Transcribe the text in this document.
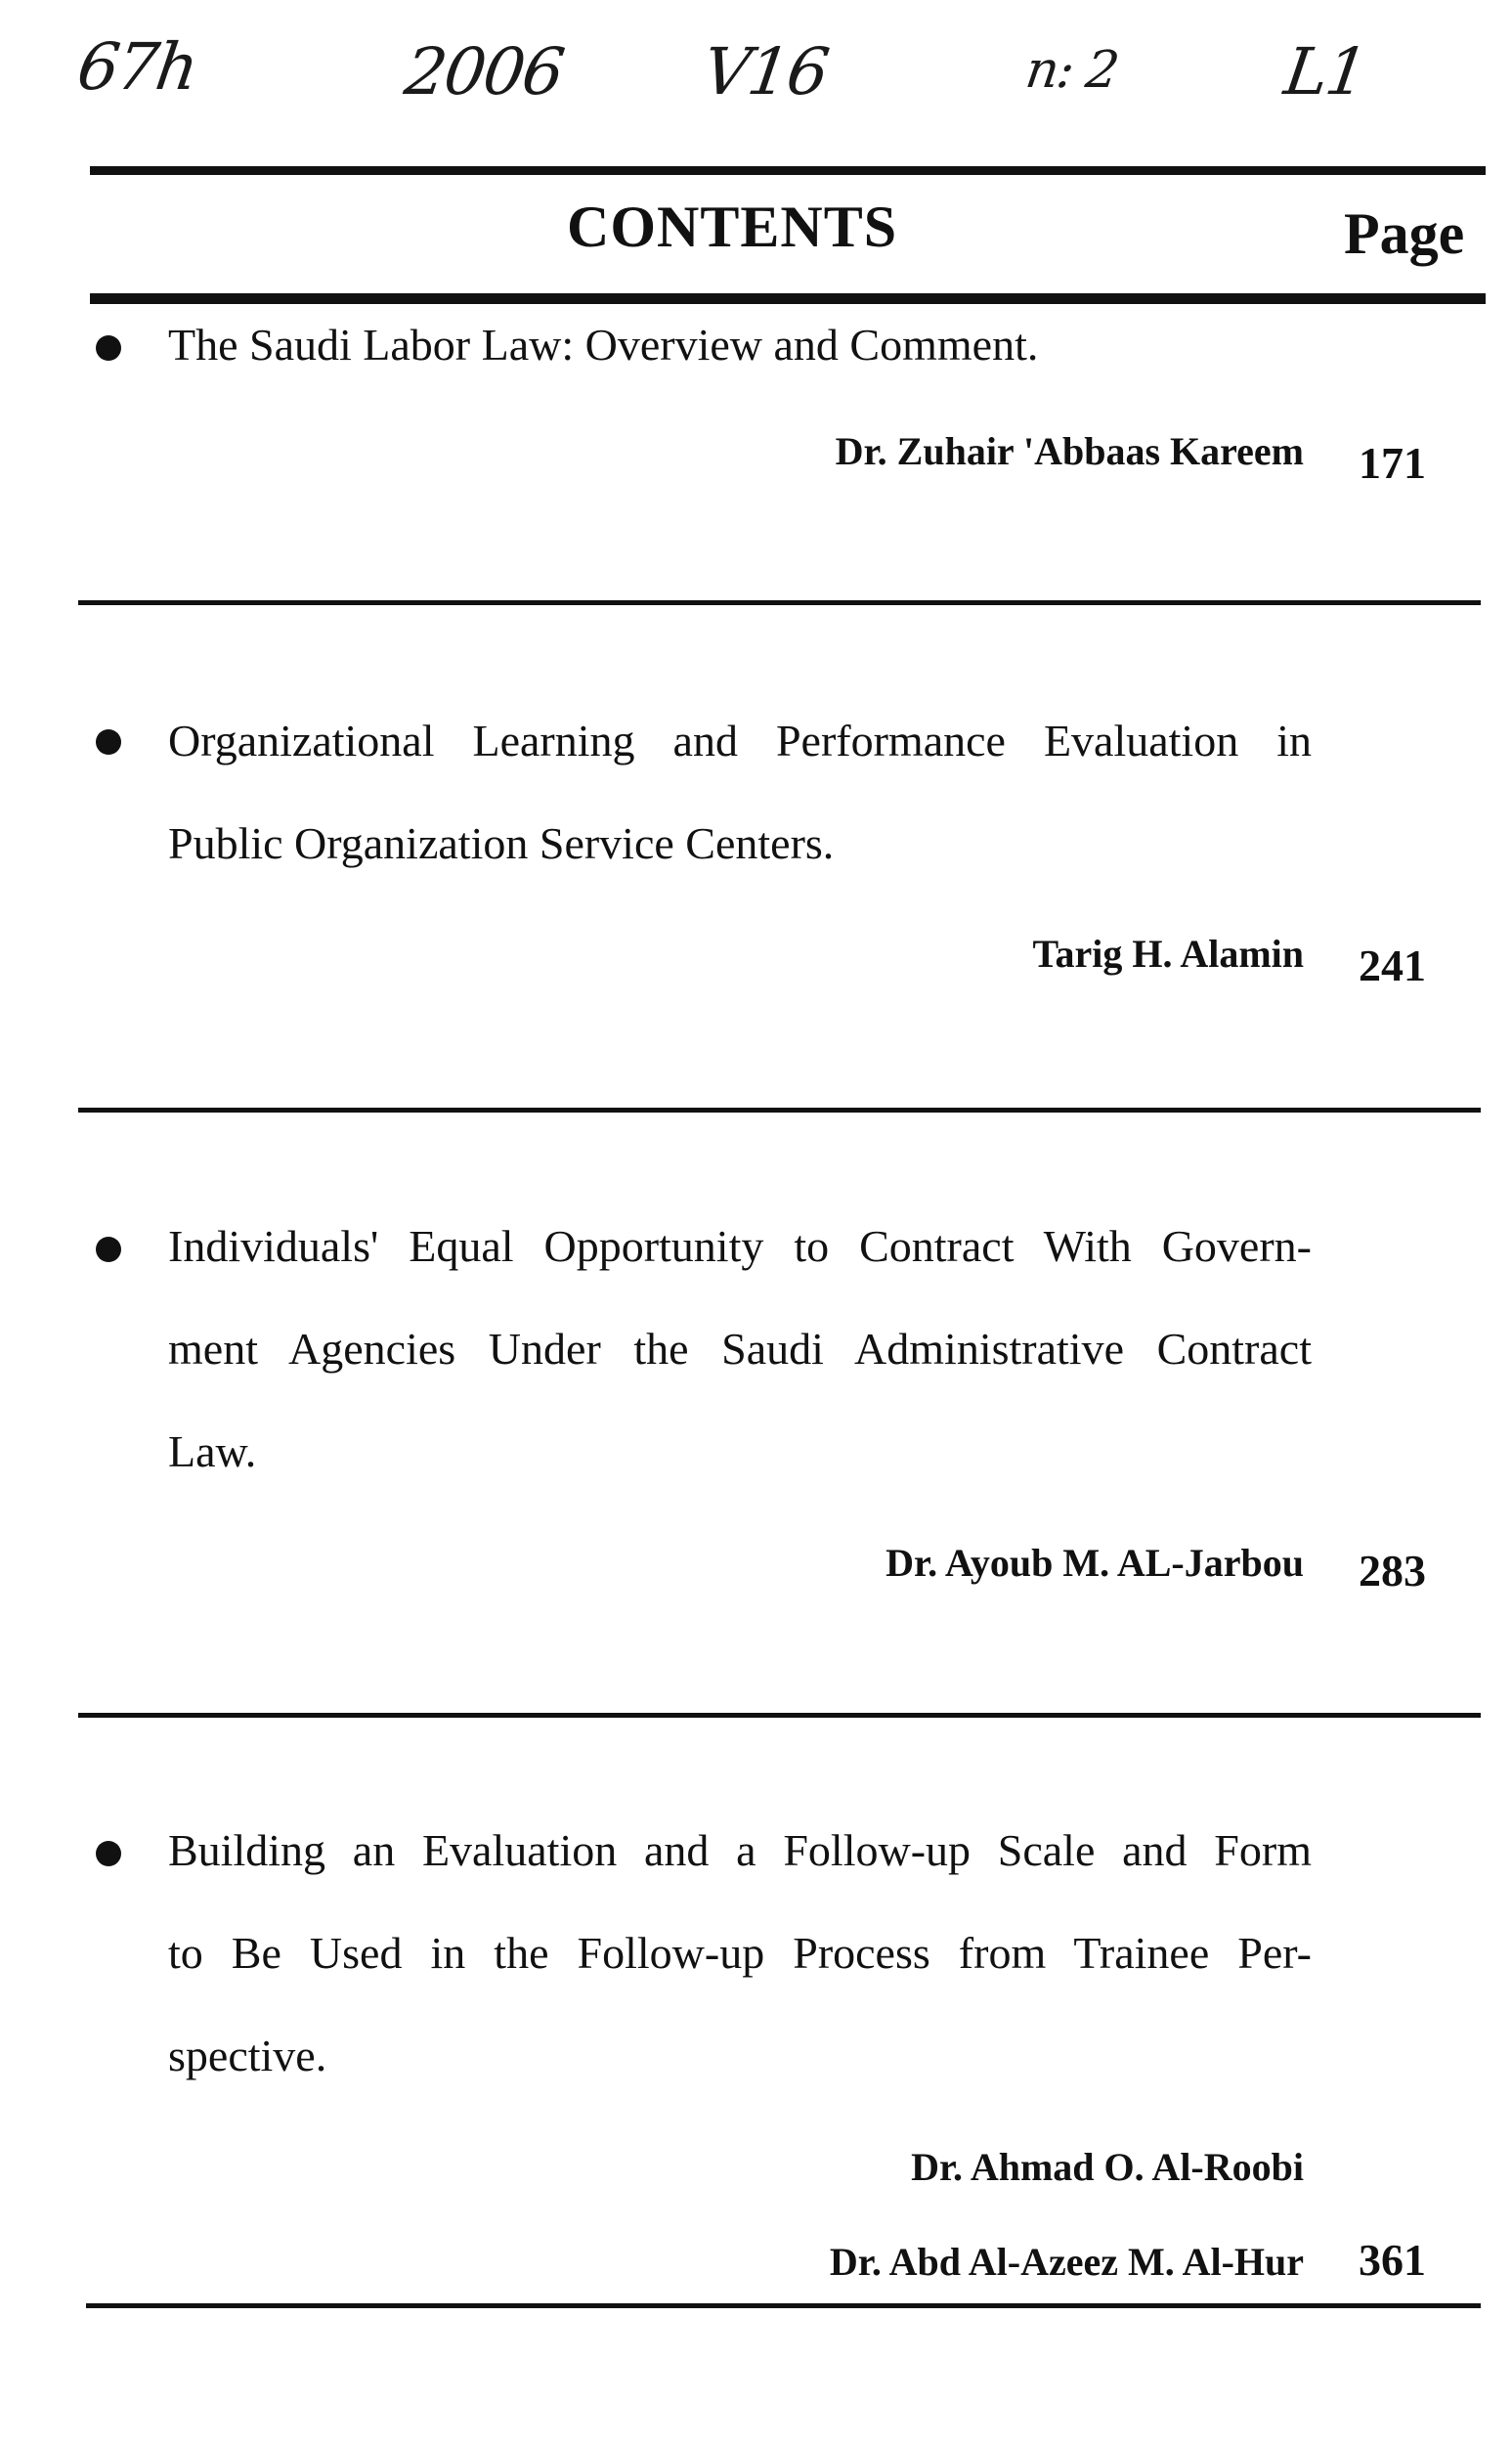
67h	2006 V16	n: 2 L1
CONTENTS	Page
The Saudi Labor Law: Overview and Comment.
Dr. Zuhair 'Abbaas Kareem 171
Organizational Learning and Performance Evaluation in
Public Organization Service Centers.
Tarig H. Alamin 241
Individuals' Equal Opportunity to Contract With Govern-
ment Agencies Under the Saudi Administrative Contract
Law.
Dr. Ayoub M. AL-Jarbou 283
Building an Evaluation and a Follow-up Scale and Form
to Be Used in the Follow-up Process from Trainee Per-
spective.
Dr. Ahmad O. Al-Roobi
Dr. Abd Al-Azeez M. Al-Hur 361
